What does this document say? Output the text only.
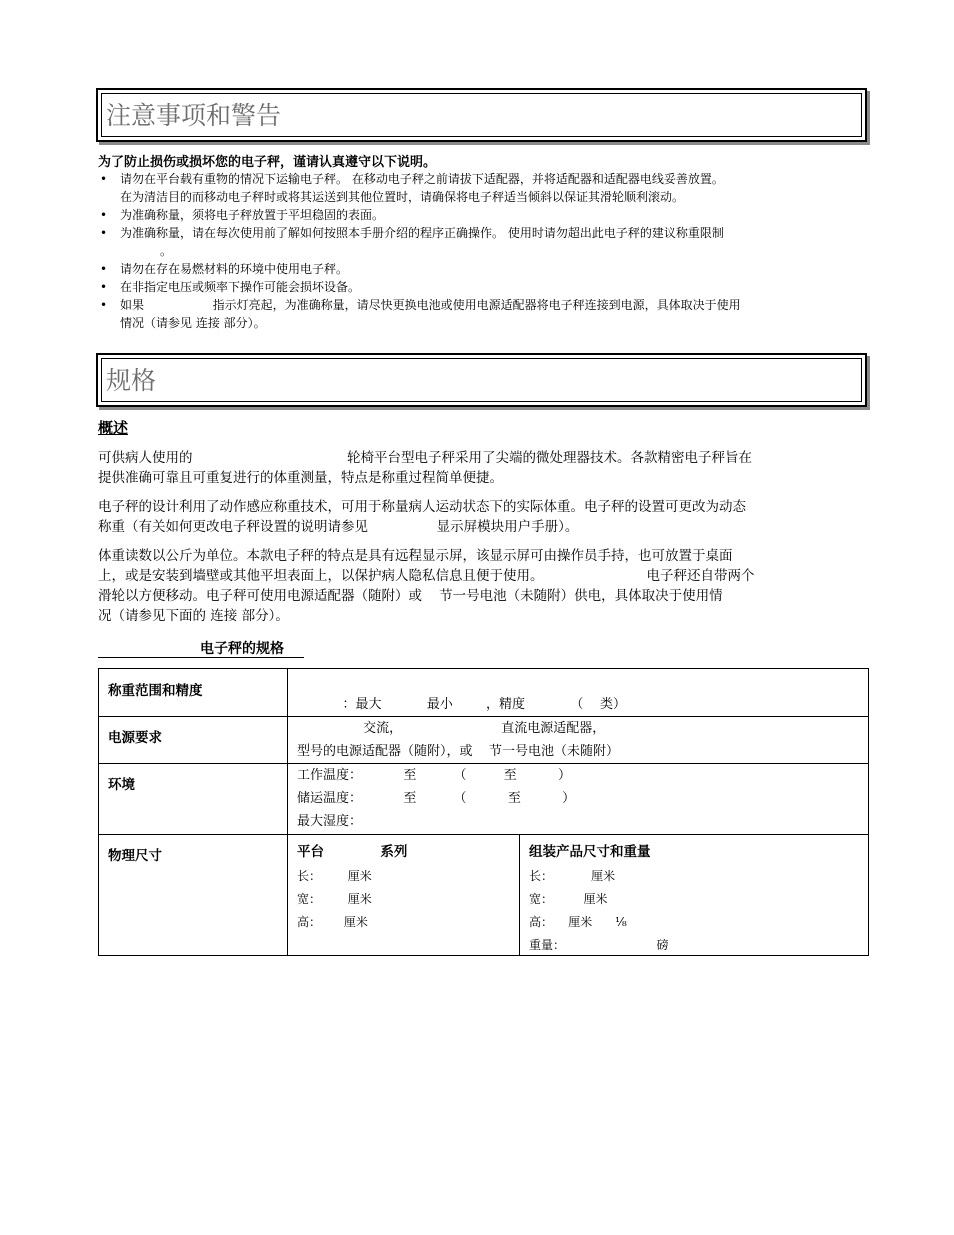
注意事项和警告
为了防止损伤或损坏您的电子秤，谨请认真遵守以下说明。
• 请勿在平台载有重物的情况下运输电子秤。 在移动电子秤之前请拔下适配器，并将适配器和适配器电线妥善放置。
在为清洁目的而移动电子秤时或将其运送到其他位置时，请确保将电子秤适当倾斜以保证其滑轮顺利滚动。
• 为准确称量，须将电子秤放置于平坦稳固的表面。
• 为准确称量，请在每次使用前了解如何按照本手册介绍的程序正确操作。 使用时请勿超出此电子秤的建议称重限制
。
• 请勿在存在易燃材料的环境中使用电子秤。
• 在非指定电压或频率下操作可能会损坏设备。
• 如果                  指示灯亮起，为准确称量，请尽快更换电池或使用电源适配器将电子秤连接到电源，具体取决于使用
情况（请参见 连接 部分）。
规格
概述
可供病人使用的                                    轮椅平台型电子秤采用了尖端的微处理器技术。各款精密电子秤旨在
提供准确可靠且可重复进行的体重测量，特点是称重过程简单便捷。
电子秤的设计利用了动作感应称重技术，可用于称量病人运动状态下的实际体重。电子秤的设置可更改为动态
称重（有关如何更改电子秤设置的说明请参见                显示屏模块用户手册）。
体重读数以公斤为单位。本款电子秤的特点是具有远程显示屏，该显示屏可由操作员手持，也可放置于桌面
上，或是安装到墙壁或其他平坦表面上，以保护病人隐私信息且便于使用。                        电子秤还自带两个
滑轮以方便移动。电子秤可使用电源适配器（随附）或    节一号电池（未随附）供电，具体取决于使用情
况（请参见下面的 连接 部分）。
电子秤的规格
称重范围和精度
：最大           最小        ，精度           （    类）
电源要求
交流，                        直流电源适配器，
型号的电源适配器（随附），或    节一号电池（未随附）
环境
工作温度：          至         （         至          ）
储运温度：          至         （          至          ）
最大湿度：
物理尺寸	平台            系列
长：       厘米
宽：       厘米
高：      厘米
组装产品尺寸和重量
长：          厘米
宽：        厘米
高：    厘米      ⅛
重量：                        磅
